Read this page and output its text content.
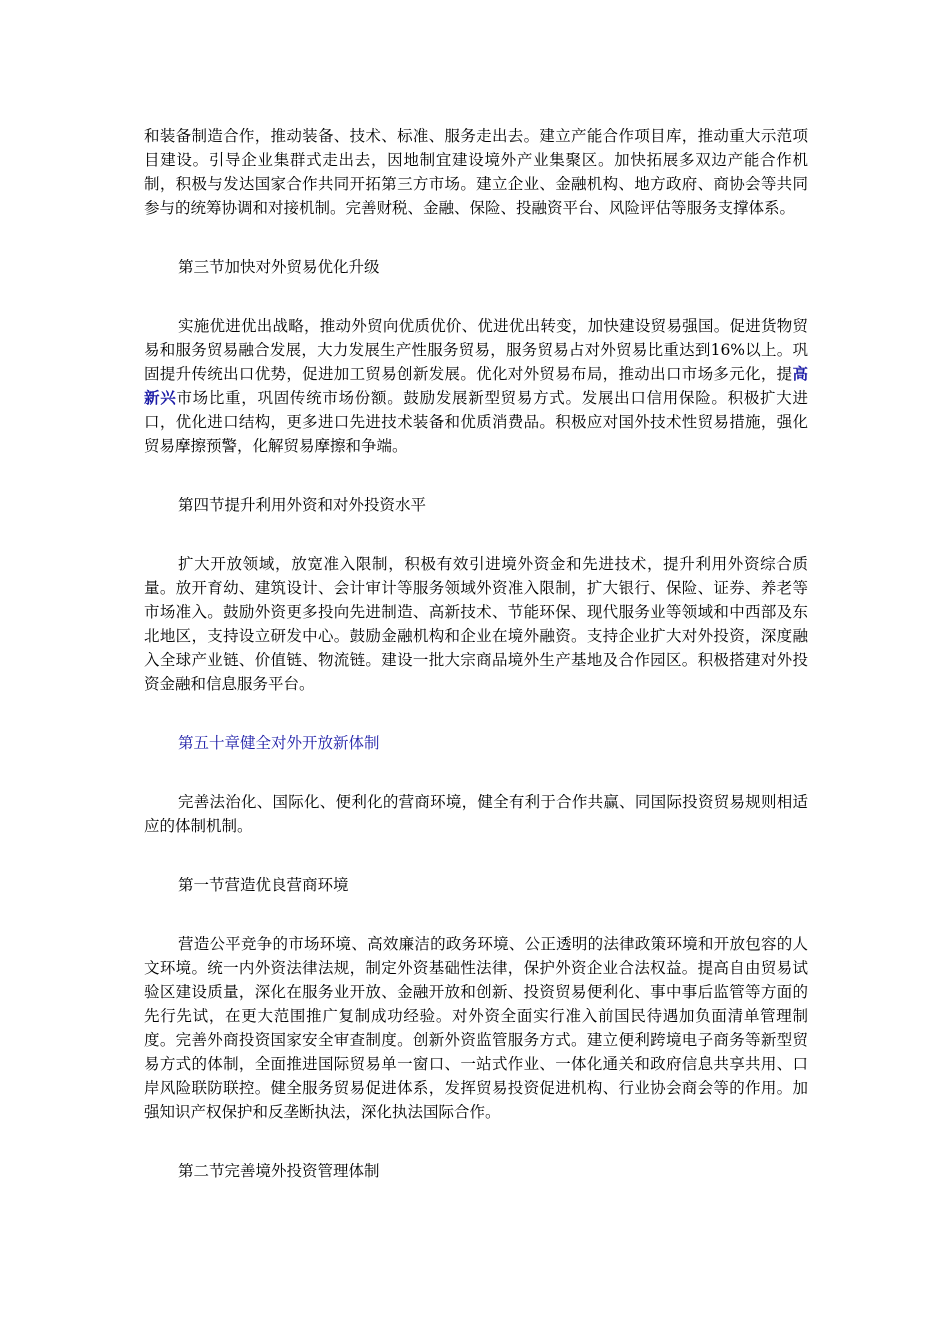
和装备制造合作，推动装备、技术、标准、服务走出去。建立产能合作项目库，推动重大示范项目建设。引导企业集群式走出去，因地制宜建设境外产业集聚区。加快拓展多双边产能合作机制，积极与发达国家合作共同开拓第三方市场。建立企业、金融机构、地方政府、商协会等共同参与的统筹协调和对接机制。完善财税、金融、保险、投融资平台、风险评估等服务支撑体系。

第三节加快对外贸易优化升级

实施优进优出战略，推动外贸向优质优价、优进优出转变，加快建设贸易强国。促进货物贸易和服务贸易融合发展，大力发展生产性服务贸易，服务贸易占对外贸易比重达到16%以上。巩固提升传统出口优势，促进加工贸易创新发展。优化对外贸易布局，推动出口市场多元化，提高新兴市场比重，巩固传统市场份额。鼓励发展新型贸易方式。发展出口信用保险。积极扩大进口，优化进口结构，更多进口先进技术装备和优质消费品。积极应对国外技术性贸易措施，强化贸易摩擦预警，化解贸易摩擦和争端。

第四节提升利用外资和对外投资水平

扩大开放领域，放宽准入限制，积极有效引进境外资金和先进技术，提升利用外资综合质量。放开育幼、建筑设计、会计审计等服务领域外资准入限制，扩大银行、保险、证券、养老等市场准入。鼓励外资更多投向先进制造、高新技术、节能环保、现代服务业等领域和中西部及东北地区，支持设立研发中心。鼓励金融机构和企业在境外融资。支持企业扩大对外投资，深度融入全球产业链、价值链、物流链。建设一批大宗商品境外生产基地及合作园区。积极搭建对外投资金融和信息服务平台。

第五十章健全对外开放新体制

完善法治化、国际化、便利化的营商环境，健全有利于合作共赢、同国际投资贸易规则相适应的体制机制。

第一节营造优良营商环境

营造公平竞争的市场环境、高效廉洁的政务环境、公正透明的法律政策环境和开放包容的人文环境。统一内外资法律法规，制定外资基础性法律，保护外资企业合法权益。提高自由贸易试验区建设质量，深化在服务业开放、金融开放和创新、投资贸易便利化、事中事后监管等方面的先行先试，在更大范围推广复制成功经验。对外资全面实行准入前国民待遇加负面清单管理制度。完善外商投资国家安全审查制度。创新外资监管服务方式。建立便利跨境电子商务等新型贸易方式的体制，全面推进国际贸易单一窗口、一站式作业、一体化通关和政府信息共享共用、口岸风险联防联控。健全服务贸易促进体系，发挥贸易投资促进机构、行业协会商会等的作用。加强知识产权保护和反垄断执法，深化执法国际合作。

第二节完善境外投资管理体制
